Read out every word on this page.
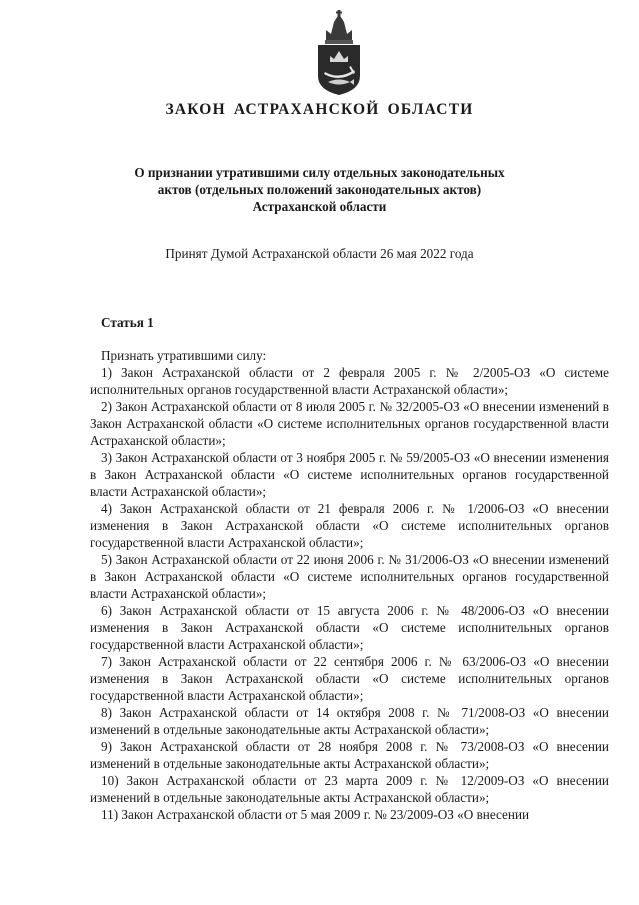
ЗАКОН АСТРАХАНСКОЙ ОБЛАСТИ
О признании утратившими силу отдельных законодательных
актов (отдельных положений законодательных актов)
Астраханской области
Принят Думой Астраханской области 26 мая 2022 года
Статья 1
Признать утратившими силу:

1) Закон Астраханской области от 2 февраля 2005 г. № 2/2005-ОЗ «О системе исполнительных органов государственной власти Астраханской области»;

2) Закон Астраханской области от 8 июля 2005 г. № 32/2005-ОЗ «О внесении изменений в Закон Астраханской области «О системе исполнительных органов государственной власти Астраханской области»;

3) Закон Астраханской области от 3 ноября 2005 г. № 59/2005-ОЗ «О внесении изменения в Закон Астраханской области «О системе исполнительных органов государственной власти Астраханской области»;

4) Закон Астраханской области от 21 февраля 2006 г. № 1/2006-ОЗ «О внесении изменения в Закон Астраханской области «О системе исполнительных органов государственной власти Астраханской области»;

5) Закон Астраханской области от 22 июня 2006 г. № 31/2006-ОЗ «О внесении изменений в Закон Астраханской области «О системе исполнительных органов государственной власти Астраханской области»;

6) Закон Астраханской области от 15 августа 2006 г. № 48/2006-ОЗ «О внесении изменения в Закон Астраханской области «О системе исполнительных органов государственной власти Астраханской области»;

7) Закон Астраханской области от 22 сентября 2006 г. № 63/2006-ОЗ «О внесении изменения в Закон Астраханской области «О системе исполнительных органов государственной власти Астраханской области»;

8) Закон Астраханской области от 14 октября 2008 г. № 71/2008-ОЗ «О внесении изменений в отдельные законодательные акты Астраханской области»;

9) Закон Астраханской области от 28 ноября 2008 г. № 73/2008-ОЗ «О внесении изменений в отдельные законодательные акты Астраханской области»;

10) Закон Астраханской области от 23 марта 2009 г. № 12/2009-ОЗ «О внесении изменений в отдельные законодательные акты Астраханской области»;

11) Закон Астраханской области от 5 мая 2009 г. № 23/2009-ОЗ «О внесении
